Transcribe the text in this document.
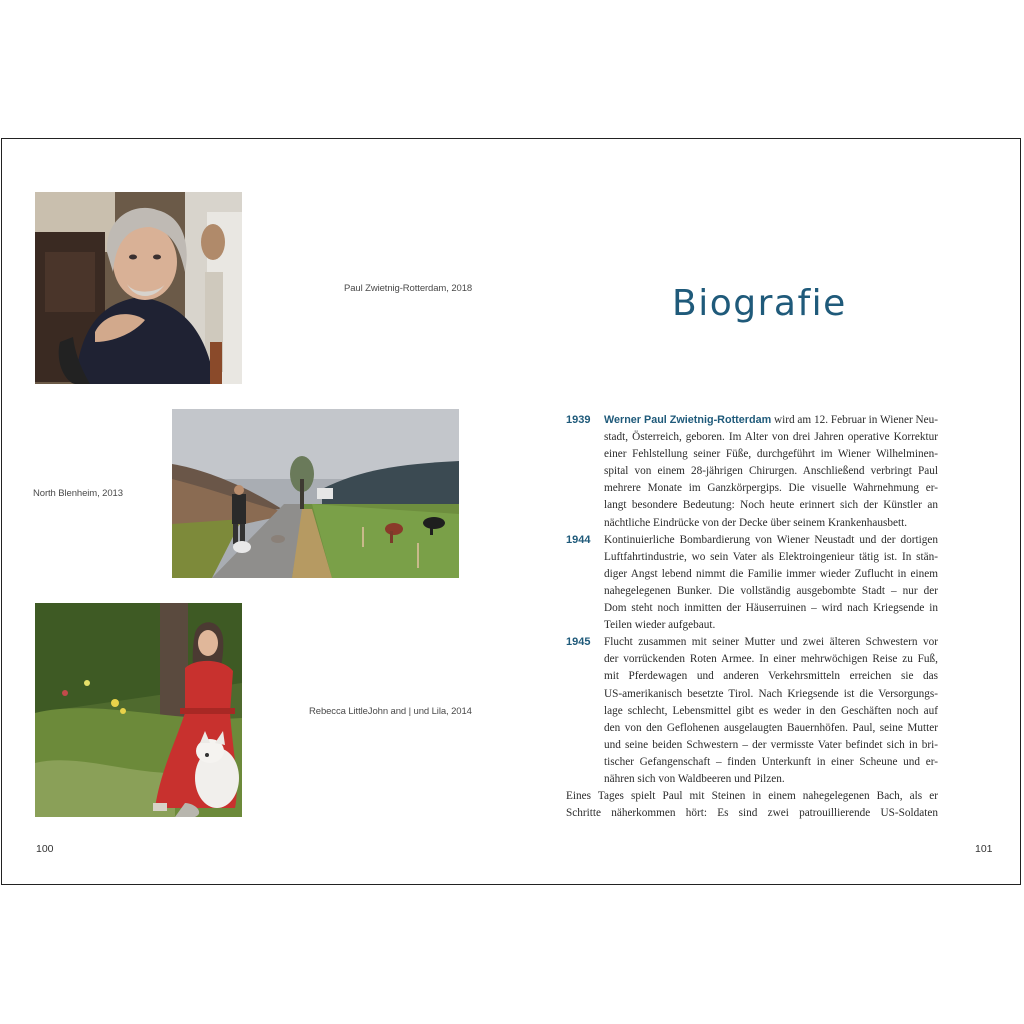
Paul Zwietnig-Rotterdam, 2018
North Blenheim, 2013
Rebecca LittleJohn and | und Lila, 2014
100	101
Biografie
1939 Werner Paul Zwietnig-Rotterdam wird am 12. Februar in Wiener Neu-
stadt, Österreich, geboren. Im Alter von drei Jahren operative Korrektur
einer Fehlstellung seiner Füße, durchgeführt im Wiener Wilhelminen-
spital von einem 28-jährigen Chirurgen. Anschließend verbringt Paul
mehrere Monate im Ganzkörpergips. Die visuelle Wahrnehmung er-
langt besondere Bedeutung: Noch heute erinnert sich der Künstler an
nächtliche Eindrücke von der Decke über seinem Krankenhausbett.
1944 Kontinuierliche Bombardierung von Wiener Neustadt und der dortigen
Luftfahrtindustrie, wo sein Vater als Elektroingenieur tätig ist. In stän-
diger Angst lebend nimmt die Familie immer wieder Zuflucht in einem
nahegelegenen Bunker. Die vollständig ausgebombte Stadt – nur der
Dom steht noch inmitten der Häuserruinen – wird nach Kriegsende in
Teilen wieder aufgebaut.
1945 Flucht zusammen mit seiner Mutter und zwei älteren Schwestern vor
der vorrückenden Roten Armee. In einer mehrwöchigen Reise zu Fuß,
mit Pferdewagen und anderen Verkehrsmitteln erreichen sie das
US-amerikanisch besetzte Tirol. Nach Kriegsende ist die Versorgungs-
lage schlecht, Lebensmittel gibt es weder in den Geschäften noch auf
den von den Geflohenen ausgelaugten Bauernhöfen. Paul, seine Mutter
und seine beiden Schwestern – der vermisste Vater befindet sich in bri-
tischer Gefangenschaft – finden Unterkunft in einer Scheune und er-
nähren sich von Waldbeeren und Pilzen.
Eines Tages spielt Paul mit Steinen in einem nahegelegenen Bach, als er
Schritte näherkommen hört: Es sind zwei patrouillierende US-Soldaten
